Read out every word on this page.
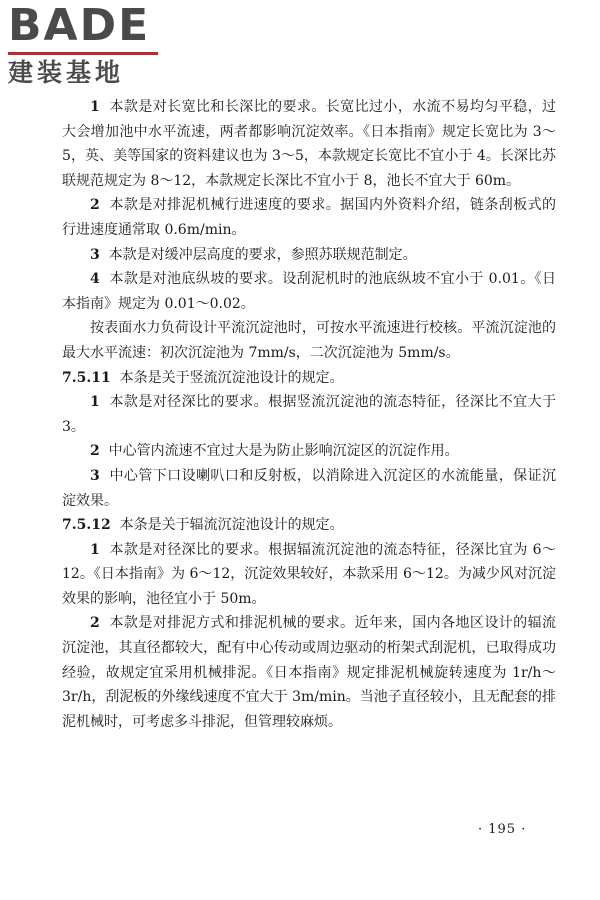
BADE
建装基地

1 本款是对长宽比和长深比的要求。长宽比过小，水流不易均匀平稳，过大会增加池中水平流速，两者都影响沉淀效率。《日本指南》规定长宽比为 3～5，英、美等国家的资料建议也为 3～5，本款规定长宽比不宜小于 4。长深比苏联规范规定为 8～12，本款规定长深比不宜小于 8，池长不宜大于 60m。

2 本款是对排泥机械行进速度的要求。据国内外资料介绍，链条刮板式的行进速度通常取 0.6m/min。

3 本款是对缓冲层高度的要求，参照苏联规范制定。

4 本款是对池底纵坡的要求。设刮泥机时的池底纵坡不宜小于 0.01。《日本指南》规定为 0.01～0.02。

按表面水力负荷设计平流沉淀池时，可按水平流速进行校核。平流沉淀池的最大水平流速：初次沉淀池为 7mm/s，二次沉淀池为 5mm/s。

7.5.11 本条是关于竖流沉淀池设计的规定。

1 本款是对径深比的要求。根据竖流沉淀池的流态特征，径深比不宜大于 3。

2 中心管内流速不宜过大是为防止影响沉淀区的沉淀作用。

3 中心管下口设喇叭口和反射板，以消除进入沉淀区的水流能量，保证沉淀效果。

7.5.12 本条是关于辐流沉淀池设计的规定。

1 本款是对径深比的要求。根据辐流沉淀池的流态特征，径深比宜为 6～12。《日本指南》为 6～12，沉淀效果较好，本款采用 6～12。为减少风对沉淀效果的影响，池径宜小于 50m。

2 本款是对排泥方式和排泥机械的要求。近年来，国内各地区设计的辐流沉淀池，其直径都较大，配有中心传动或周边驱动的桁架式刮泥机，已取得成功经验，故规定宜采用机械排泥。《日本指南》规定排泥机械旋转速度为 1r/h～3r/h，刮泥板的外缘线速度不宜大于 3m/min。当池子直径较小，且无配套的排泥机械时，可考虑多斗排泥，但管理较麻烦。

· 195 ·
